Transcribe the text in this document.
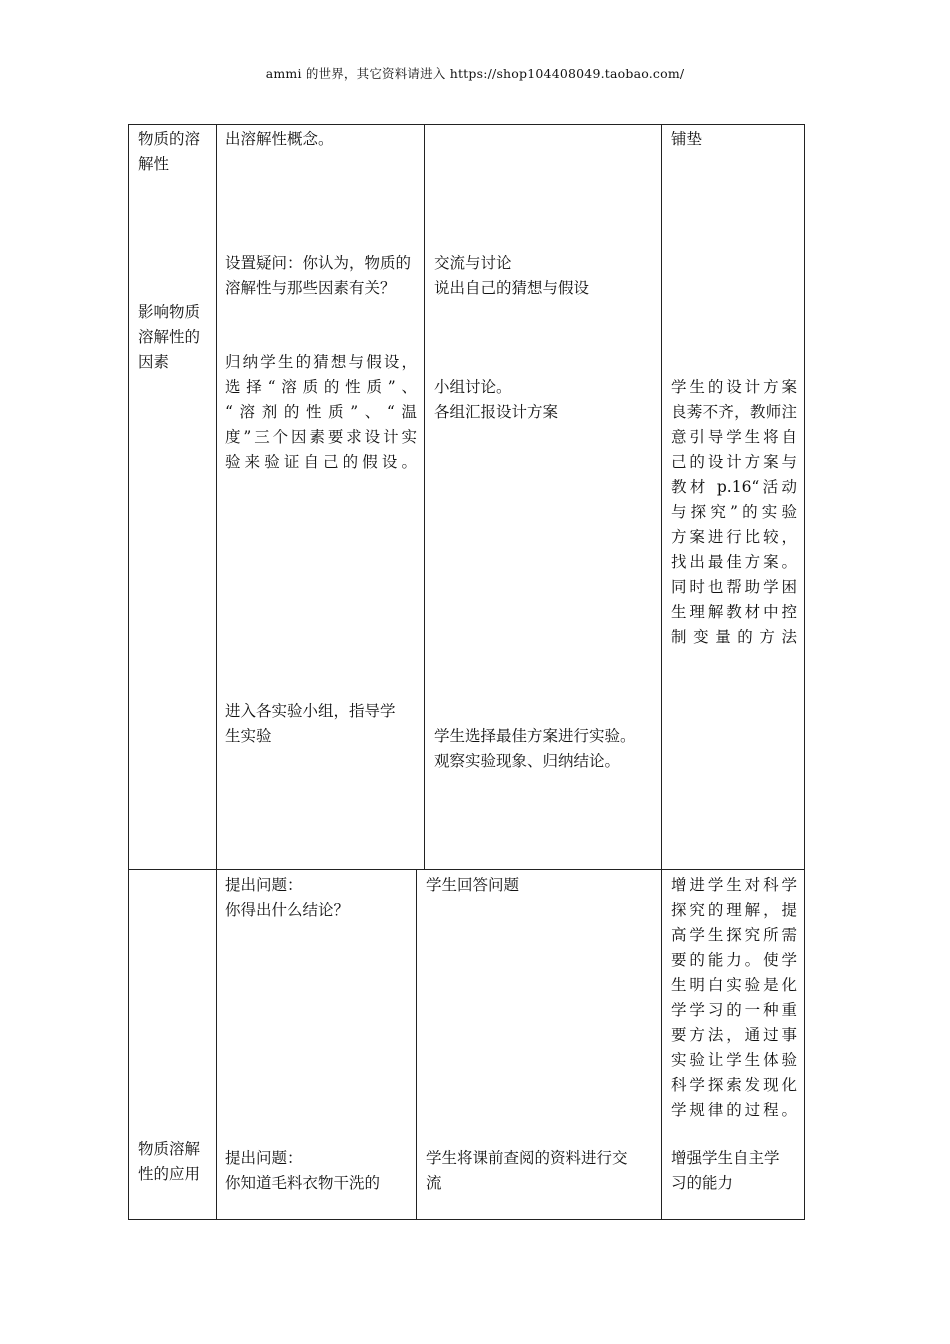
ammi 的世界，其它资料请进入 https://shop104408049.taobao.com/

物质的溶
解性

影响物质
溶解性的
因素

出溶解性概念。

设置疑问：你认为，物质的
溶解性与那些因素有关？

归纳学生的猜想与假设，
选择“溶质的性质”、
“溶剂的性质”、“温
度”三个因素要求设计实
验来验证自己的假设。

进入各实验小组，指导学
生实验

交流与讨论
说出自己的猜想与假设

小组讨论。
各组汇报设计方案

学生选择最佳方案进行实验。
观察实验现象、归纳结论。

铺垫

学生的设计方案
良莠不齐，教师注
意引导学生将自
己的设计方案与
教材 p.16“活动
与探究”的实验
方案进行比较，
找出最佳方案。
同时也帮助学困
生理解教材中控
制变量的方法

物质溶解
性的应用

提出问题：
你得出什么结论？

提出问题：
你知道毛料衣物干洗的

学生回答问题

学生将课前查阅的资料进行交
流

增进学生对科学
探究的理解，提
高学生探究所需
要的能力。使学
生明白实验是化
学学习的一种重
要方法，通过事
实验让学生体验
科学探索发现化
学规律的过程。

增强学生自主学
习的能力
